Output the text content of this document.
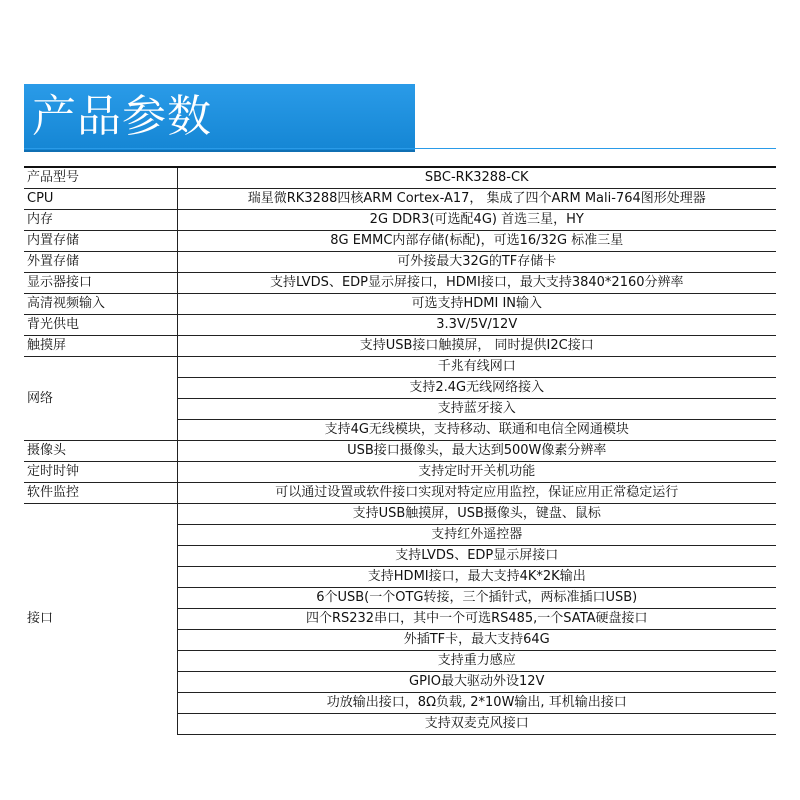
产品参数
产品型号	SBC-RK3288-CK
CPU	瑞星微RK3288四核ARM Cortex-A17， 集成了四个ARM Mali-764图形处理器
内存	2G DDR3(可选配4G) 首选三星，HY
内置存储	8G EMMC内部存储(标配)，可选16/32G 标准三星
外置存储	可外接最大32G的TF存储卡
显示器接口	支持LVDS、EDP显示屏接口，HDMI接口，最大支持3840*2160分辨率
高清视频输入	可选支持HDMI IN输入
背光供电	3.3V/5V/12V
触摸屏	支持USB接口触摸屏， 同时提供I2C接口
网络	千兆有线网口
	支持2.4G无线网络接入
	支持蓝牙接入
	支持4G无线模块，支持移动、联通和电信全网通模块
摄像头	USB接口摄像头，最大达到500W像素分辨率
定时时钟	支持定时开关机功能
软件监控	可以通过设置或软件接口实现对特定应用监控，保证应用正常稳定运行
接口	支持USB触摸屏，USB摄像头，键盘、鼠标
	支持红外遥控器
	支持LVDS、EDP显示屏接口
	支持HDMI接口，最大支持4K*2K输出
	6个USB(一个OTG转接，三个插针式，两标准插口USB)
	四个RS232串口，其中一个可选RS485,一个SATA硬盘接口
	外插TF卡，最大支持64G
	支持重力感应
	GPIO最大驱动外设12V
	功放输出接口，8Ω负载, 2*10W输出, 耳机输出接口
	支持双麦克风接口
